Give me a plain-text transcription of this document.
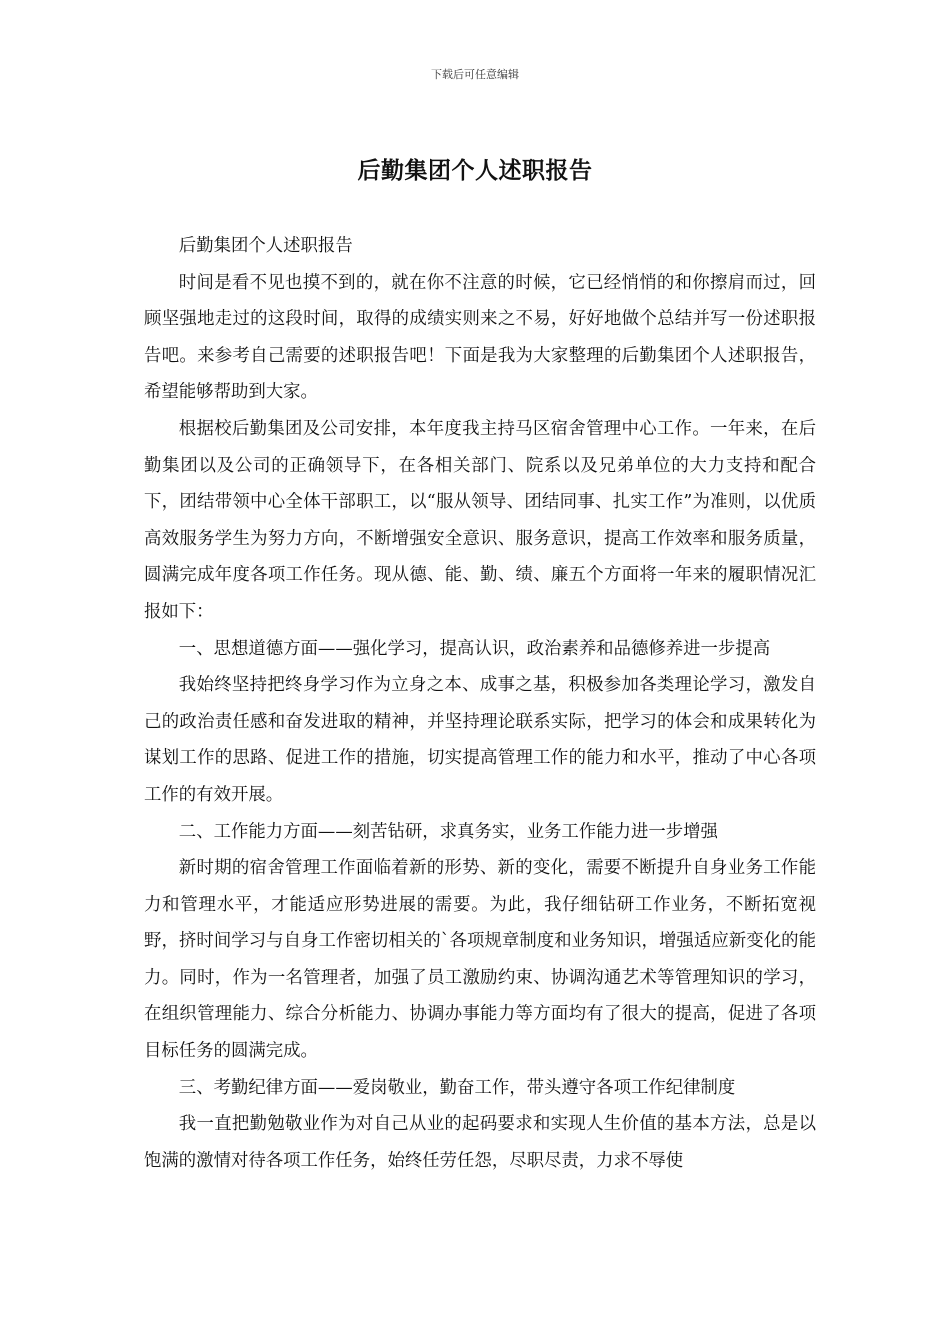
下载后可任意编辑
后勤集团个人述职报告

后勤集团个人述职报告

时间是看不见也摸不到的，就在你不注意的时候，它已经悄悄的和你擦肩而过，回顾坚强地走过的这段时间，取得的成绩实则来之不易，好好地做个总结并写一份述职报告吧。来参考自己需要的述职报告吧！下面是我为大家整理的后勤集团个人述职报告，希望能够帮助到大家。

根据校后勤集团及公司安排，本年度我主持马区宿舍管理中心工作。一年来，在后勤集团以及公司的正确领导下，在各相关部门、院系以及兄弟单位的大力支持和配合下，团结带领中心全体干部职工，以“服从领导、团结同事、扎实工作”为准则，以优质高效服务学生为努力方向，不断增强安全意识、服务意识，提高工作效率和服务质量，圆满完成年度各项工作任务。现从德、能、勤、绩、廉五个方面将一年来的履职情况汇报如下：

一、思想道德方面——强化学习，提高认识，政治素养和品德修养进一步提高

我始终坚持把终身学习作为立身之本、成事之基，积极参加各类理论学习，激发自己的政治责任感和奋发进取的精神，并坚持理论联系实际，把学习的体会和成果转化为谋划工作的思路、促进工作的措施，切实提高管理工作的能力和水平，推动了中心各项工作的有效开展。

二、工作能力方面——刻苦钻研，求真务实，业务工作能力进一步增强

新时期的宿舍管理工作面临着新的形势、新的变化，需要不断提升自身业务工作能力和管理水平，才能适应形势进展的需要。为此，我仔细钻研工作业务，不断拓宽视野，挤时间学习与自身工作密切相关的`各项规章制度和业务知识，增强适应新变化的能力。同时，作为一名管理者，加强了员工激励约束、协调沟通艺术等管理知识的学习，在组织管理能力、综合分析能力、协调办事能力等方面均有了很大的提高，促进了各项目标任务的圆满完成。

三、考勤纪律方面——爱岗敬业，勤奋工作，带头遵守各项工作纪律制度

我一直把勤勉敬业作为对自己从业的起码要求和实现人生价值的基本方法，总是以饱满的激情对待各项工作任务，始终任劳任怨，尽职尽责，力求不辱使
